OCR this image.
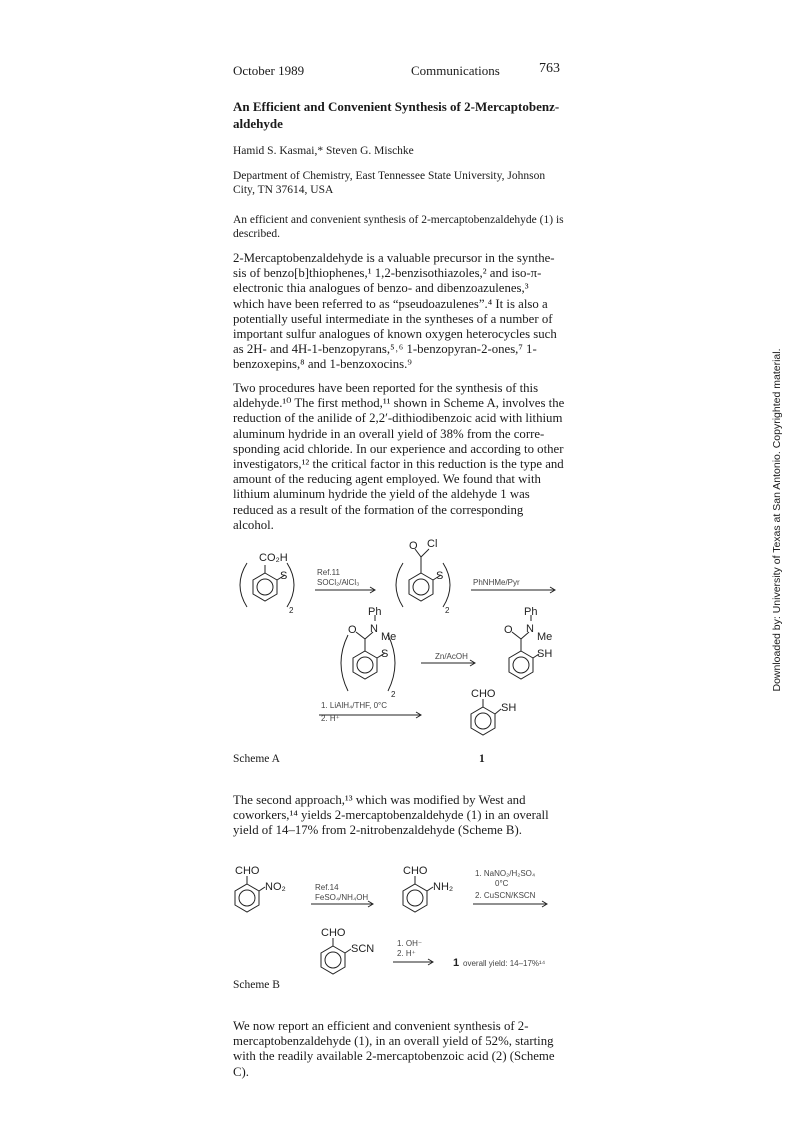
October 1989	Communications	763
An Efficient and Convenient Synthesis of 2-Mercaptobenz-
aldehyde
Hamid S. Kasmai,* Steven G. Mischke
Department of Chemistry, East Tennessee State University, Johnson
City, TN 37614, USA
An efficient and convenient synthesis of 2-mercaptobenzaldehyde (1) is
described.
2-Mercaptobenzaldehyde is a valuable precursor in the synthe-
sis of benzo[b]thiophenes,¹ 1,2-benzisothiazoles,² and iso-π-
electronic thia analogues of benzo- and dibenzoazulenes,³
which have been referred to as “pseudoazulenes”.⁴ It is also a
potentially useful intermediate in the syntheses of a number of
important sulfur analogues of known oxygen heterocycles such
as 2H- and 4H-1-benzopyrans,⁵˒⁶ 1-benzopyran-2-ones,⁷ 1-
benzoxepins,⁸ and 1-benzoxocins.⁹
Two procedures have been reported for the synthesis of this
aldehyde.¹⁰ The first method,¹¹ shown in Scheme A, involves the
reduction of the anilide of 2,2′-dithiodibenzoic acid with lithium
aluminum hydride in an overall yield of 38% from the corre-
sponding acid chloride. In our experience and according to other
investigators,¹² the critical factor in this reduction is the type and
amount of the reducing agent employed. We found that with
lithium aluminum hydride the yield of the aldehyde 1 was
reduced as a result of the formation of the corresponding
alcohol.
CO₂H
S
2
Ref.11
SOCl₂/AlCl₃
O Cl
S
2
PhNHMe/Pyr
Ph
O N
Me
S
2
Zn/AcOH
Ph
O N
Me
SH
1. LiAlH₄/THF, 0°C
2. H⁺
CHO
SH
Scheme A	1
The second approach,¹³ which was modified by West and
coworkers,¹⁴ yields 2-mercaptobenzaldehyde (1) in an overall
yield of 14–17% from 2-nitrobenzaldehyde (Scheme B).
CHO
NO₂	Ref.14
FeSO₄/NH₄OH
CHO
NH₂
1. NaNO₂/H₂SO₄
0°C
2. CuSCN/KSCN
CHO
SCN	1. OH⁻
2. H⁺
1 overall yield: 14–17%¹⁴
Scheme B
We now report an efficient and convenient synthesis of 2-
mercaptobenzaldehyde (1), in an overall yield of 52%, starting
with the readily available 2-mercaptobenzoic acid (2) (Scheme
C).
Downloaded by: University of Texas at San Antonio. Copyrighted material.
